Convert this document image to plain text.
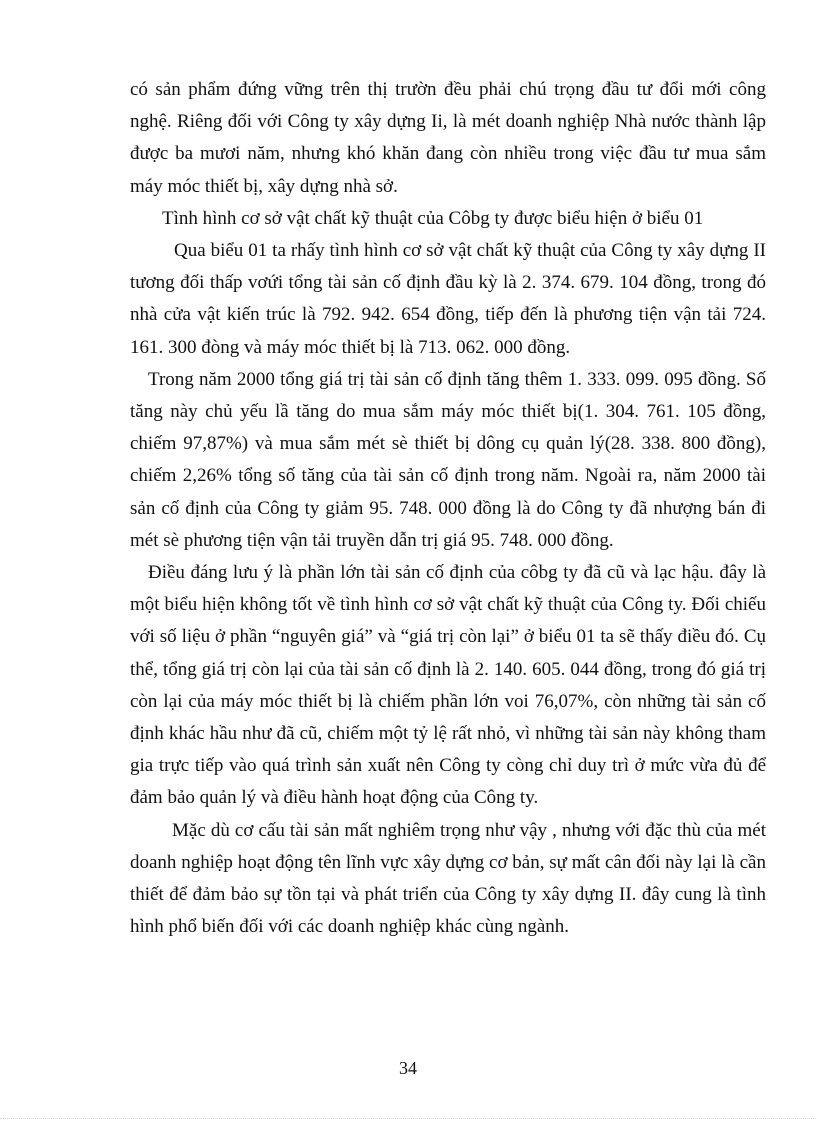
có sản phẩm đứng vững trên thị trườn đều phải chú trọng đầu tư đổi mới công nghệ. Riêng đối với Công ty xây dựng Ii, là mét doanh nghiệp Nhà nước thành lập được ba mươi năm, nhưng khó khăn đang còn nhiều trong việc đầu tư mua sắm máy móc thiết bị, xây dựng nhà sở.

Tình hình cơ sở vật chất kỹ thuật của Côbg ty được biểu hiện ở biểu 01

Qua biểu 01 ta rhấy tình hình cơ sở vật chất kỹ thuật của Công ty xây dựng II tương đối thấp vơứi tổng tài sản cố định đầu kỳ là 2. 374. 679. 104 đồng, trong đó nhà cửa vật kiến trúc là 792. 942. 654 đồng, tiếp đến là phương tiện vận tải 724. 161. 300 đòng và máy móc thiết bị là 713. 062. 000 đồng.

Trong năm 2000 tổng giá trị tài sản cố định tăng thêm 1. 333. 099. 095 đồng. Số tăng này chủ yếu lầ tăng do mua sắm máy móc thiết bị(1. 304. 761. 105 đồng, chiếm 97,87%) và mua sắm mét sè thiết bị dông cụ quản lý(28. 338. 800 đồng), chiếm 2,26% tổng số tăng của tài sản cố định trong năm. Ngoài ra, năm 2000 tài sản cố định của Công ty giảm 95. 748. 000 đồng là do Công ty đã nhượng bán đi mét sè phương tiện vận tải truyền dẫn trị giá 95. 748. 000 đồng.

Điều đáng lưu ý là phần lớn tài sản cố định của côbg ty đã cũ và lạc hậu. đây là một biểu hiện không tốt về tình hình cơ sở vật chất kỹ thuật của Công ty. Đối chiếu với số liệu ở phần “nguyên giá” và “giá trị còn lại” ở biểu 01 ta sẽ thấy điều đó. Cụ thể, tổng giá trị còn lại của tài sản cố định là 2. 140. 605. 044 đồng, trong đó giá trị còn lại của máy móc thiết bị là chiếm phần lớn voi 76,07%, còn những tài sản cố định khác hầu như đã cũ, chiếm một tỷ lệ rất nhỏ, vì những tài sản này không tham gia trực tiếp vào quá trình sản xuất nên Công ty còng chỉ duy trì ở mức vừa đủ để đảm bảo quản lý và điều hành hoạt động của Công ty.

Mặc dù cơ cấu tài sản mất nghiêm trọng như vậy , nhưng với đặc thù của mét doanh nghiệp hoạt động tên lĩnh vực xây dựng cơ bản, sự mất cân đối này lại là cần thiết để đảm bảo sự tồn tại và phát triển của Công ty xây dựng II. đây cung là tình hình phổ biến đối với các doanh nghiệp khác cùng ngành.

34
